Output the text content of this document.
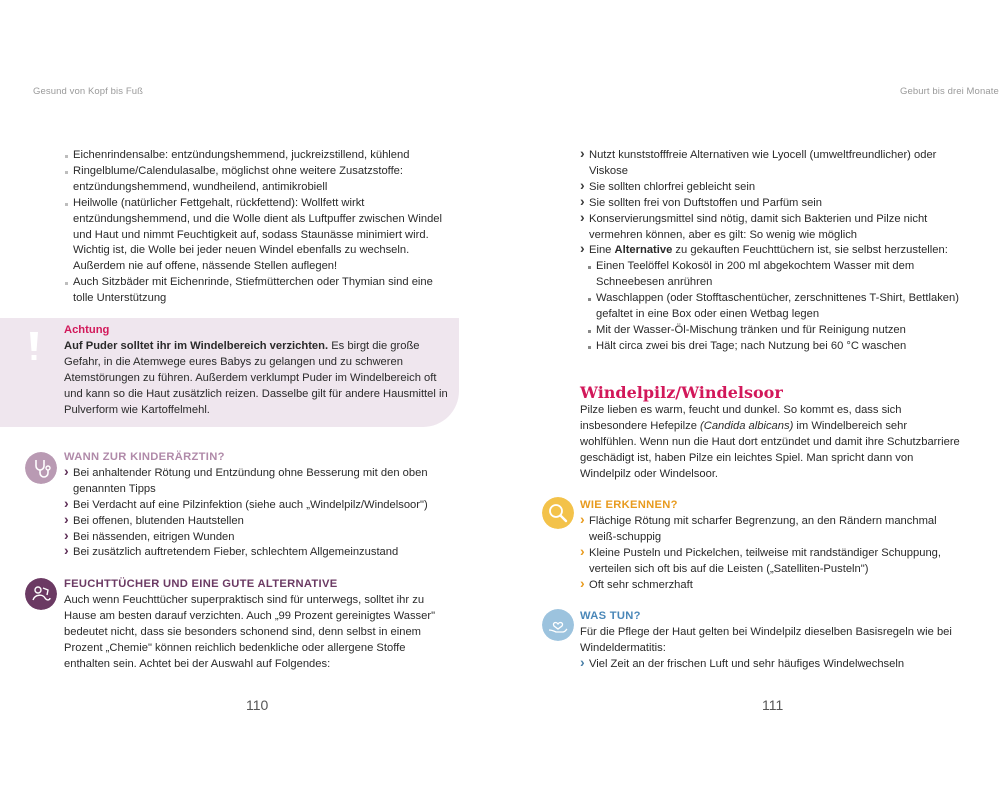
Gesund von Kopf bis Fuß	Geburt bis drei Monate
Eichenrindensalbe: entzündungshemmend, juckreizstillend, kühlend
Ringelblume/Calendulasalbe, möglichst ohne weitere Zusatzstoffe: entzündungshemmend, wundheilend, antimikrobiell
Heilwolle (natürlicher Fettgehalt, rückfettend): Wollfett wirkt entzündungshemmend, und die Wolle dient als Luftpuffer zwischen Windel und Haut und nimmt Feuchtigkeit auf, sodass Staunässe minimiert wird. Wichtig ist, die Wolle bei jeder neuen Windel ebenfalls zu wechseln. Außerdem nie auf offene, nässende Stellen auflegen!
Auch Sitzbäder mit Eichenrinde, Stiefmütterchen oder Thymian sind eine tolle Unterstützung
Achtung

Auf Puder solltet ihr im Windelbereich verzichten. Es birgt die große Gefahr, in die Atemwege eures Babys zu gelangen und zu schweren Atemstörungen zu führen. Außerdem verklumpt Puder im Windelbereich oft und kann so die Haut zusätzlich reizen. Dasselbe gilt für andere Hausmittel in Pulverform wie Kartoffelmehl.

WANN ZUR KINDERÄRZTIN?
› Bei anhaltender Rötung und Entzündung ohne Besserung mit den oben genannten Tipps
› Bei Verdacht auf eine Pilzinfektion (siehe auch „Windelpilz/Windelsoor")
› Bei offenen, blutenden Hautstellen
› Bei nässenden, eitrigen Wunden
› Bei zusätzlich auftretendem Fieber, schlechtem Allgemeinzustand
FEUCHTTÜCHER UND EINE GUTE ALTERNATIVE

Auch wenn Feuchttücher superpraktisch sind für unterwegs, solltet ihr zu Hause am besten darauf verzichten. Auch „99 Prozent gereinigtes Wasser" bedeutet nicht, dass sie besonders schonend sind, denn selbst in einem Prozent „Chemie" können reichlich bedenkliche oder allergene Stoffe enthalten sein. Achtet bei der Auswahl auf Folgendes:

110
› Nutzt kunststofffreie Alternativen wie Lyocell (umweltfreundlicher) oder Viskose
› Sie sollten chlorfrei gebleicht sein
› Sie sollten frei von Duftstoffen und Parfüm sein
› Konservierungsmittel sind nötig, damit sich Bakterien und Pilze nicht vermehren können, aber es gilt: So wenig wie möglich
› Eine Alternative zu gekauften Feuchttüchern ist, sie selbst herzustellen:
Einen Teelöffel Kokosöl in 200 ml abgekochtem Wasser mit dem Schneebesen anrühren
Waschlappen (oder Stofftaschentücher, zerschnittenes T-Shirt, Bettlaken) gefaltet in eine Box oder einen Wetbag legen
Mit der Wasser-Öl-Mischung tränken und für Reinigung nutzen
Hält circa zwei bis drei Tage; nach Nutzung bei 60 °C waschen
Windelpilz/Windelsoor

Pilze lieben es warm, feucht und dunkel. So kommt es, dass sich insbesondere Hefepilze (Candida albicans) im Windelbereich sehr wohlfühlen. Wenn nun die Haut dort entzündet und damit ihre Schutzbarriere geschädigt ist, haben Pilze ein leichtes Spiel. Man spricht dann von Windelpilz oder Windelsoor.

WIE ERKENNEN?
› Flächige Rötung mit scharfer Begrenzung, an den Rändern manchmal weiß-schuppig
› Kleine Pusteln und Pickelchen, teilweise mit randständiger Schuppung, verteilen sich oft bis auf die Leisten („Satelliten-Pusteln")
› Oft sehr schmerzhaft
WAS TUN?

Für die Pflege der Haut gelten bei Windelpilz dieselben Basisregeln wie bei Windeldermatitis:

› Viel Zeit an der frischen Luft und sehr häufiges Windelwechseln
111
